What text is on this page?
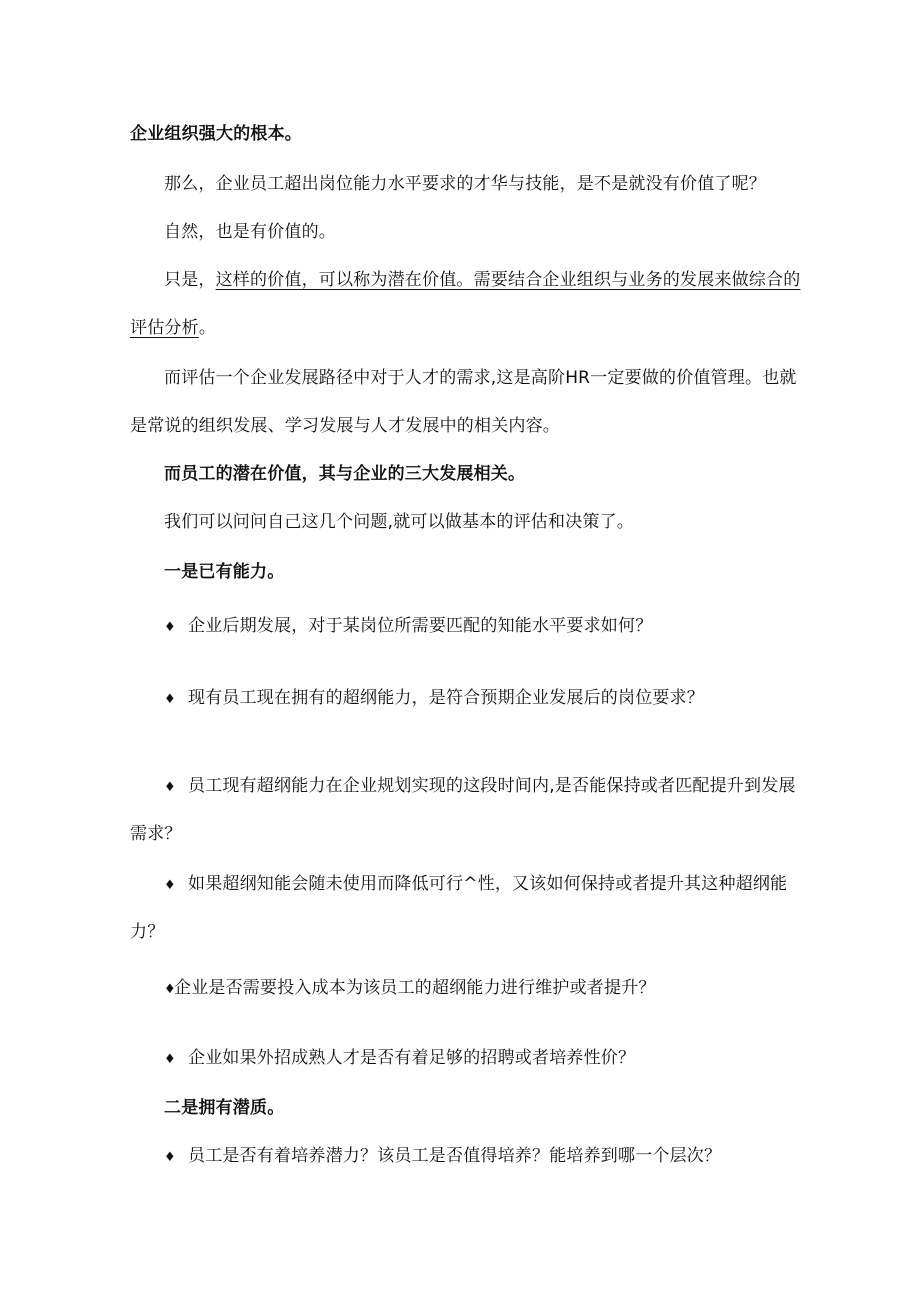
企业组织强大的根本。
那么，企业员工超出岗位能力水平要求的才华与技能，是不是就没有价值了呢？
自然，也是有价值的。
只是，这样的价值，可以称为潜在价值。需要结合企业组织与业务的发展来做综合的
评估分析。
而评估一个企业发展路径中对于人才的需求,这是高阶HR一定要做的价值管理。也就
是常说的组织发展、学习发展与人才发展中的相关内容。
而员工的潜在价值，其与企业的三大发展相关。
我们可以问问自己这几个问题,就可以做基本的评估和决策了。
一是已有能力。
♦ 企业后期发展，对于某岗位所需要匹配的知能水平要求如何？
♦ 现有员工现在拥有的超纲能力，是符合预期企业发展后的岗位要求？
♦ 员工现有超纲能力在企业规划实现的这段时间内,是否能保持或者匹配提升到发展
需求？
♦ 如果超纲知能会随未使用而降低可行^性，又该如何保持或者提升其这种超纲能
力？
♦企业是否需要投入成本为该员工的超纲能力进行维护或者提升？
♦ 企业如果外招成熟人才是否有着足够的招聘或者培养性价？
二是拥有潜质。
♦ 员工是否有着培养潜力？该员工是否值得培养？能培养到哪一个层次？
